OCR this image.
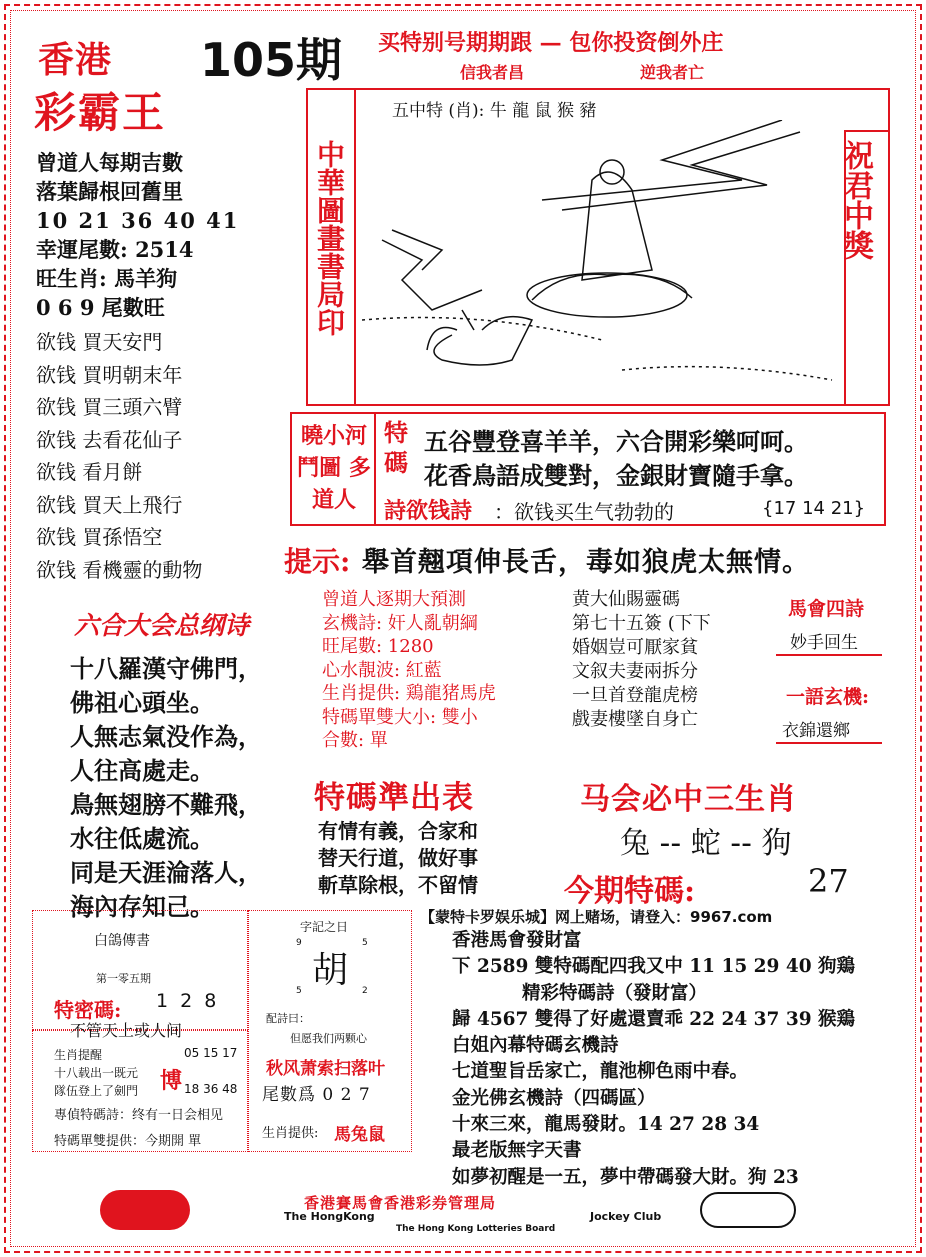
香港
彩霸王
105期 买特别号期期跟 — 包你投资倒外庄
信我者昌	逆我者亡
曾道人每期吉數
落葉歸根回舊里
10 21 36 40 41
幸運尾數: 2514
旺生肖: 馬羊狗
0 6 9 尾數旺
欲钱 買天安門
欲钱 買明朝末年
欲钱 買三頭六臂
欲钱 去看花仙子
欲钱 看月餅
欲钱 買天上飛行
欲钱 買孫悟空
欲钱 看機靈的動物
中華圖畫書局印	祝君中獎
五中特 (肖): 牛 龍 鼠 猴 豬
曉小河鬥圖 多道人
特碼
五谷豐登喜羊羊，六合開彩樂呵呵。
花香鳥語成雙對，金銀財寶隨手拿。
詩欲钱詩 ：欲钱买生气勃勃的	{17 14 21}
提示: 舉首翹項伸長舌，毒如狼虎太無情。
六合大会总纲诗
十八羅漢守佛門，
佛祖心頭坐。
人無志氣没作為，
人往高處走。
鳥無翅膀不難飛，
水往低處流。
同是天涯淪落人，
海內存知己。
曾道人逐期大預測
玄機詩: 奸人亂朝綱
旺尾數: 1280
心水靚波: 紅藍
生肖提供: 鶏龍猪馬虎
特碼單雙大小: 雙小
合數: 單
黄大仙賜靈碼
第七十五簽 (下下
婚姻豈可厭家貧
文叙夫妻兩拆分
一旦首登龍虎榜
戲妻樓墜自身亡
馬會四詩
妙手回生
一語玄機:
衣錦還鄉
特碼準出表
有情有義，合家和
替天行道，做好事
斬草除根，不留情
马会必中三生肖
兔 -- 蛇 -- 狗
今期特碼:	27
白鴿傳書
第一零五期
特密碼: 1 2 8
不管天上或人间
生肖提醒
十八载出一既元
隊伍登上了劍門 博
05 15 17
18 36 48
專偵特碼詩：终有一日会相见
特碼單雙提供：今期開 單
字記之日
胡
9	5
5	2
配詩曰：
但愿我们两颗心
秋风萧索扫落叶
尾數爲 0 2 7
生肖提供: 馬兔鼠
【蒙特卡罗娱乐城】网上赌场，请登入：9967.com
香港馬會發財富
下 2589 雙特碼配四我又中 11 15 29 40 狗鶏
精彩特碼詩（發財富）
歸 4567 雙得了好處還賣乖 22 24 37 39 猴鶏
白姐內幕特碼玄機詩
七道聖旨岳家亡，龍池柳色雨中春。
金光佛玄機詩（四碼區）
十來三來，龍馬發財。14 27 28 34
最老版無字天書
如夢初醒是一五，夢中帶碼發大財。狗 23
香港賽馬會香港彩券管理局
The HongKong	Jockey Club
The Hong Kong Lotteries Board
